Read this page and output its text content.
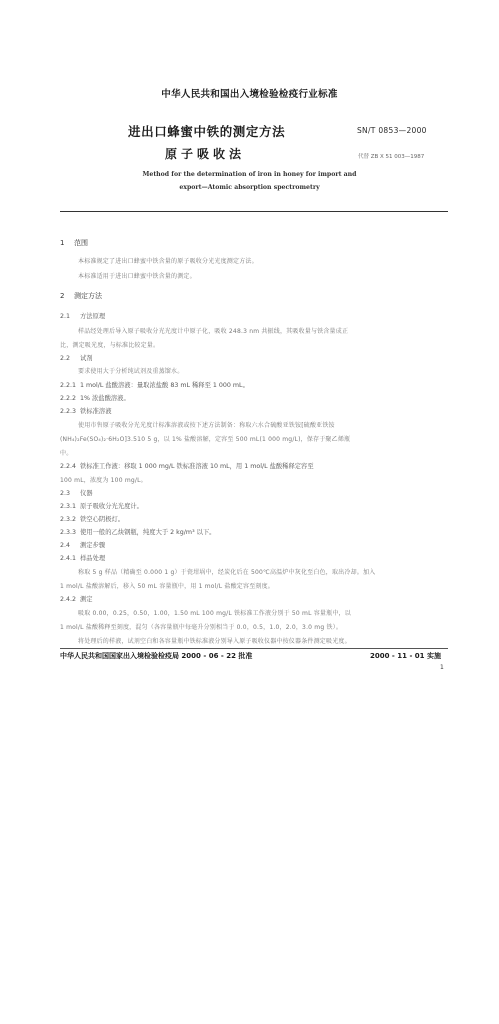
中华人民共和国出入境检验检疫行业标准
进出口蜂蜜中铁的测定方法
原子吸收法
SN/T 0853—2000
代替 ZB X 51 003—1987
Method for the determination of iron in honey for import and
export—Atomic absorption spectrometry
1 范围
本标准规定了进出口蜂蜜中铁含量的原子吸收分光光度测定方法。
本标准适用于进出口蜂蜜中铁含量的测定。
2 测定方法
2.1 方法原理
样品经处理后导入原子吸收分光光度计中原子化，吸收 248.3 nm 共振线，其吸收量与铁含量成正
比，测定吸光度，与标准比较定量。
2.2 试剂
要求使用大于分析纯试剂及重蒸馏水。
2.2.1 1 mol/L 盐酸溶液：量取浓盐酸 83 mL 稀释至 1 000 mL。
2.2.2 1% 浓盐酸溶液。
2.2.3 铁标准溶液
使用市售原子吸收分光光度计标准溶液或按下述方法制备：称取六水合硫酸亚铁铵[硫酸亚铁铵
(NH₄)₂Fe(SO₄)₂·6H₂O]3.510 5 g，以 1% 盐酸溶解，定容至 500 mL(1 000 mg/L)，保存于聚乙烯瓶
中。
2.2.4 铁标准工作液：移取 1 000 mg/L 铁标准溶液 10 mL，用 1 mol/L 盐酸稀释定容至
100 mL，浓度为 100 mg/L。
2.3 仪器
2.3.1 原子吸收分光光度计。
2.3.2 铁空心阴极灯。
2.3.3 使用一般的乙炔钢瓶，纯度大于 2 kg/m³ 以下。
2.4 测定步骤
2.4.1 样品处理
称取 5 g 样品（精确至 0.000 1 g）于瓷坩埚中，经炭化后在 500℃高温炉中灰化至白色，取出冷却。加入
1 mol/L 盐酸溶解后，移入 50 mL 容量瓶中，用 1 mol/L 盐酸定容至刻度。
2.4.2 测定
吸取 0.00，0.25，0.50，1.00，1.50 mL 100 mg/L 铁标准工作液分别于 50 mL 容量瓶中，以
1 mol/L 盐酸稀释至刻度，混匀（各容量瓶中每毫升分别相当于 0.0，0.5，1.0，2.0，3.0 mg 铁）。
将处理后的样液，试剂空白和各容量瓶中铁标准液分别导入原子吸收仪器中按仪器条件测定吸光度。
中华人民共和国国家出入境检验检疫局 2000 - 06 - 22 批准	2000 - 11 - 01 实施
1
